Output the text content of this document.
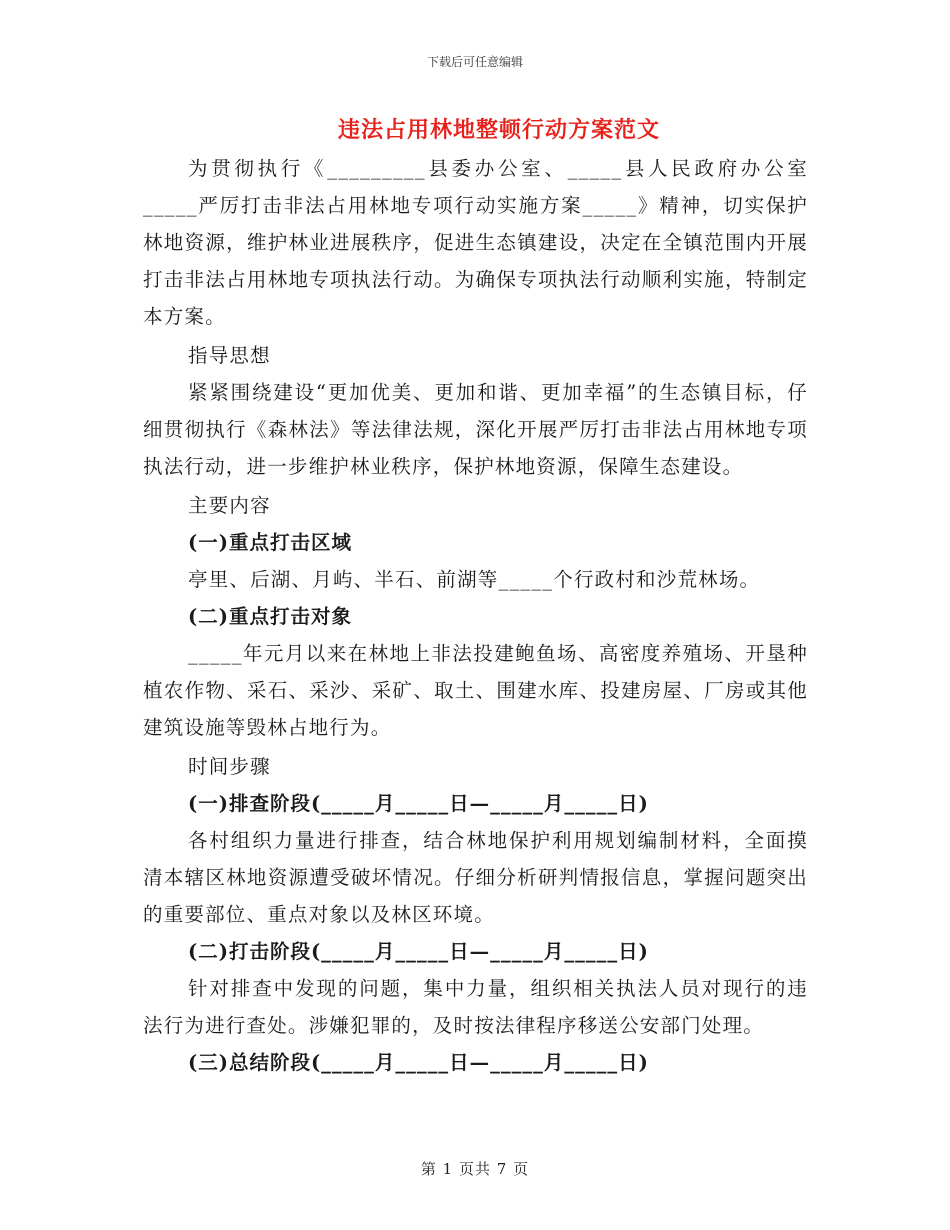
下载后可任意编辑
违法占用林地整顿行动方案范文

为贯彻执行《_________县委办公室、_____县人民政府办公室_____严厉打击非法占用林地专项行动实施方案_____》精神，切实保护林地资源，维护林业进展秩序，促进生态镇建设，决定在全镇范围内开展打击非法占用林地专项执法行动。为确保专项执法行动顺利实施，特制定本方案。

指导思想

紧紧围绕建设“更加优美、更加和谐、更加幸福”的生态镇目标，仔细贯彻执行《森林法》等法律法规，深化开展严厉打击非法占用林地专项执法行动，进一步维护林业秩序，保护林地资源，保障生态建设。

主要内容

(一)重点打击区域

亭里、后湖、月屿、半石、前湖等_____个行政村和沙荒林场。

(二)重点打击对象

_____年元月以来在林地上非法投建鲍鱼场、高密度养殖场、开垦种植农作物、采石、采沙、采矿、取土、围建水库、投建房屋、厂房或其他建筑设施等毁林占地行为。

时间步骤

(一)排查阶段(_____月_____日—_____月_____日)

各村组织力量进行排查，结合林地保护利用规划编制材料，全面摸清本辖区林地资源遭受破坏情况。仔细分析研判情报信息，掌握问题突出的重要部位、重点对象以及林区环境。

(二)打击阶段(_____月_____日—_____月_____日)

针对排查中发现的问题，集中力量，组织相关执法人员对现行的违法行为进行查处。涉嫌犯罪的，及时按法律程序移送公安部门处理。

(三)总结阶段(_____月_____日—_____月_____日)

第 1 页共 7 页
